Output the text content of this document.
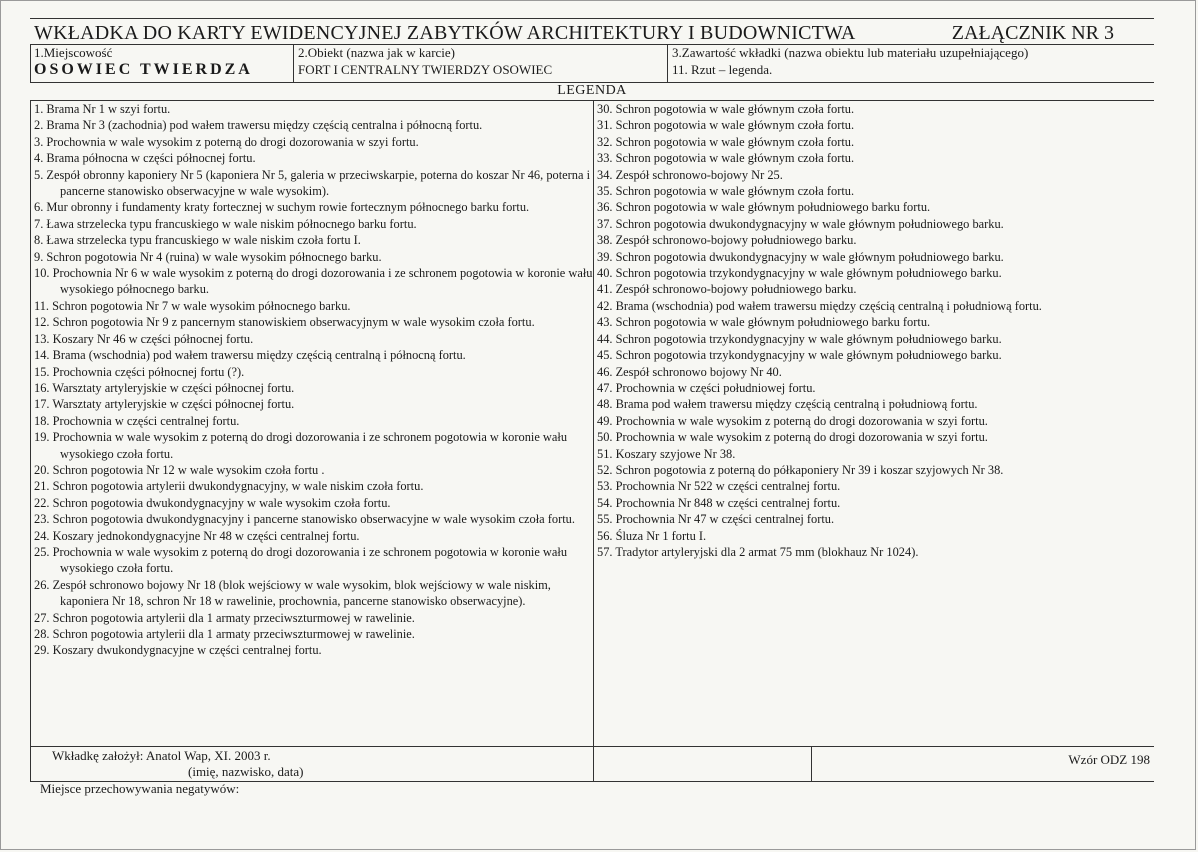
WKŁADKA DO KARTY EWIDENCYJNEJ ZABYTKÓW ARCHITEKTURY I BUDOWNICTWA	ZAŁĄCZNIK NR 3
1.Miejscowość
OSOWIEC TWIERDZA
2.Obiekt (nazwa jak w karcie)
FORT I CENTRALNY TWIERDZY OSOWIEC
3.Zawartość wkładki (nazwa obiektu lub materiału uzupełniającego)
11. Rzut – legenda.
LEGENDA
1. Brama Nr 1 w szyi fortu.
2. Brama Nr 3 (zachodnia) pod wałem trawersu między częścią centralna i północną fortu.
3. Prochownia w wale wysokim z poterną do drogi dozorowania w szyi fortu.
4. Brama północna w części północnej fortu.
5. Zespół obronny kaponiery Nr 5 (kaponiera Nr 5, galeria w przeciwskarpie, poterna do koszar Nr 46, poterna i pancerne stanowisko obserwacyjne w wale wysokim).
6. Mur obronny i fundamenty kraty fortecznej w suchym rowie fortecznym północnego barku fortu.
7. Ława strzelecka typu francuskiego w wale niskim północnego barku fortu.
8. Ława strzelecka typu francuskiego w wale niskim czoła fortu I.
9. Schron pogotowia Nr 4 (ruina) w wale wysokim północnego barku.
10. Prochownia Nr 6 w wale wysokim z poterną do drogi dozorowania i ze schronem pogotowia w koronie wału wysokiego północnego barku.
11. Schron pogotowia Nr 7 w wale wysokim północnego barku.
12. Schron pogotowia Nr 9 z pancernym stanowiskiem obserwacyjnym w wale wysokim czoła fortu.
13. Koszary Nr 46 w części północnej fortu.
14. Brama (wschodnia) pod wałem trawersu między częścią centralną i północną fortu.
15. Prochownia części północnej fortu (?).
16. Warsztaty artyleryjskie w części północnej fortu.
17. Warsztaty artyleryjskie w części północnej fortu.
18. Prochownia w części centralnej fortu.
19. Prochownia w wale wysokim z poterną do drogi dozorowania i ze schronem pogotowia w koronie wału wysokiego czoła fortu.
20. Schron pogotowia Nr 12 w wale wysokim czoła fortu .
21. Schron pogotowia artylerii dwukondygnacyjny, w wale niskim czoła fortu.
22. Schron pogotowia dwukondygnacyjny w wale wysokim czoła fortu.
23. Schron pogotowia dwukondygnacyjny i pancerne stanowisko obserwacyjne w wale wysokim czoła fortu.
24. Koszary jednokondygnacyjne Nr 48 w części centralnej fortu.
25. Prochownia w wale wysokim z poterną do drogi dozorowania i ze schronem pogotowia w koronie wału wysokiego czoła fortu.
26. Zespół schronowo bojowy Nr 18 (blok wejściowy w wale wysokim, blok wejściowy w wale niskim, kaponiera Nr 18, schron Nr 18 w rawelinie, prochownia, pancerne stanowisko obserwacyjne).
27. Schron pogotowia artylerii dla 1 armaty przeciwszturmowej w rawelinie.
28. Schron pogotowia artylerii dla 1 armaty przeciwszturmowej w rawelinie.
29. Koszary dwukondygnacyjne w części centralnej fortu.
30. Schron pogotowia w wale głównym czoła fortu.
31. Schron pogotowia w wale głównym czoła fortu.
32. Schron pogotowia w wale głównym czoła fortu.
33. Schron pogotowia w wale głównym czoła fortu.
34. Zespół schronowo-bojowy Nr 25.
35. Schron pogotowia w wale głównym czoła fortu.
36. Schron pogotowia w wale głównym południowego barku fortu.
37. Schron pogotowia dwukondygnacyjny w wale głównym południowego barku.
38. Zespół schronowo-bojowy południowego barku.
39. Schron pogotowia dwukondygnacyjny w wale głównym południowego barku.
40. Schron pogotowia trzykondygnacyjny w wale głównym południowego barku.
41. Zespół schronowo-bojowy południowego barku.
42. Brama (wschodnia) pod wałem trawersu między częścią centralną i południową fortu.
43. Schron pogotowia w wale głównym południowego barku fortu.
44. Schron pogotowia trzykondygnacyjny w wale głównym południowego barku.
45. Schron pogotowia trzykondygnacyjny w wale głównym południowego barku.
46. Zespół schronowo bojowy Nr 40.
47. Prochownia w części południowej fortu.
48. Brama pod wałem trawersu między częścią centralną i południową fortu.
49. Prochownia w wale wysokim z poterną do drogi dozorowania w szyi fortu.
50. Prochownia w wale wysokim z poterną do drogi dozorowania w szyi fortu.
51. Koszary szyjowe Nr 38.
52. Schron pogotowia z poterną do półkaponiery Nr 39 i koszar szyjowych Nr 38.
53. Prochownia Nr 522 w części centralnej fortu.
54. Prochownia Nr 848 w części centralnej fortu.
55. Prochownia Nr 47 w części centralnej fortu.
56. Śluza Nr 1 fortu I.
57. Tradytor artyleryjski dla 2 armat 75 mm (blokhauz Nr 1024).
Wkładkę założył: Anatol Wap, XI. 2003 r.
(imię, nazwisko, data)
Wzór ODZ 198
Miejsce przechowywania negatywów:
